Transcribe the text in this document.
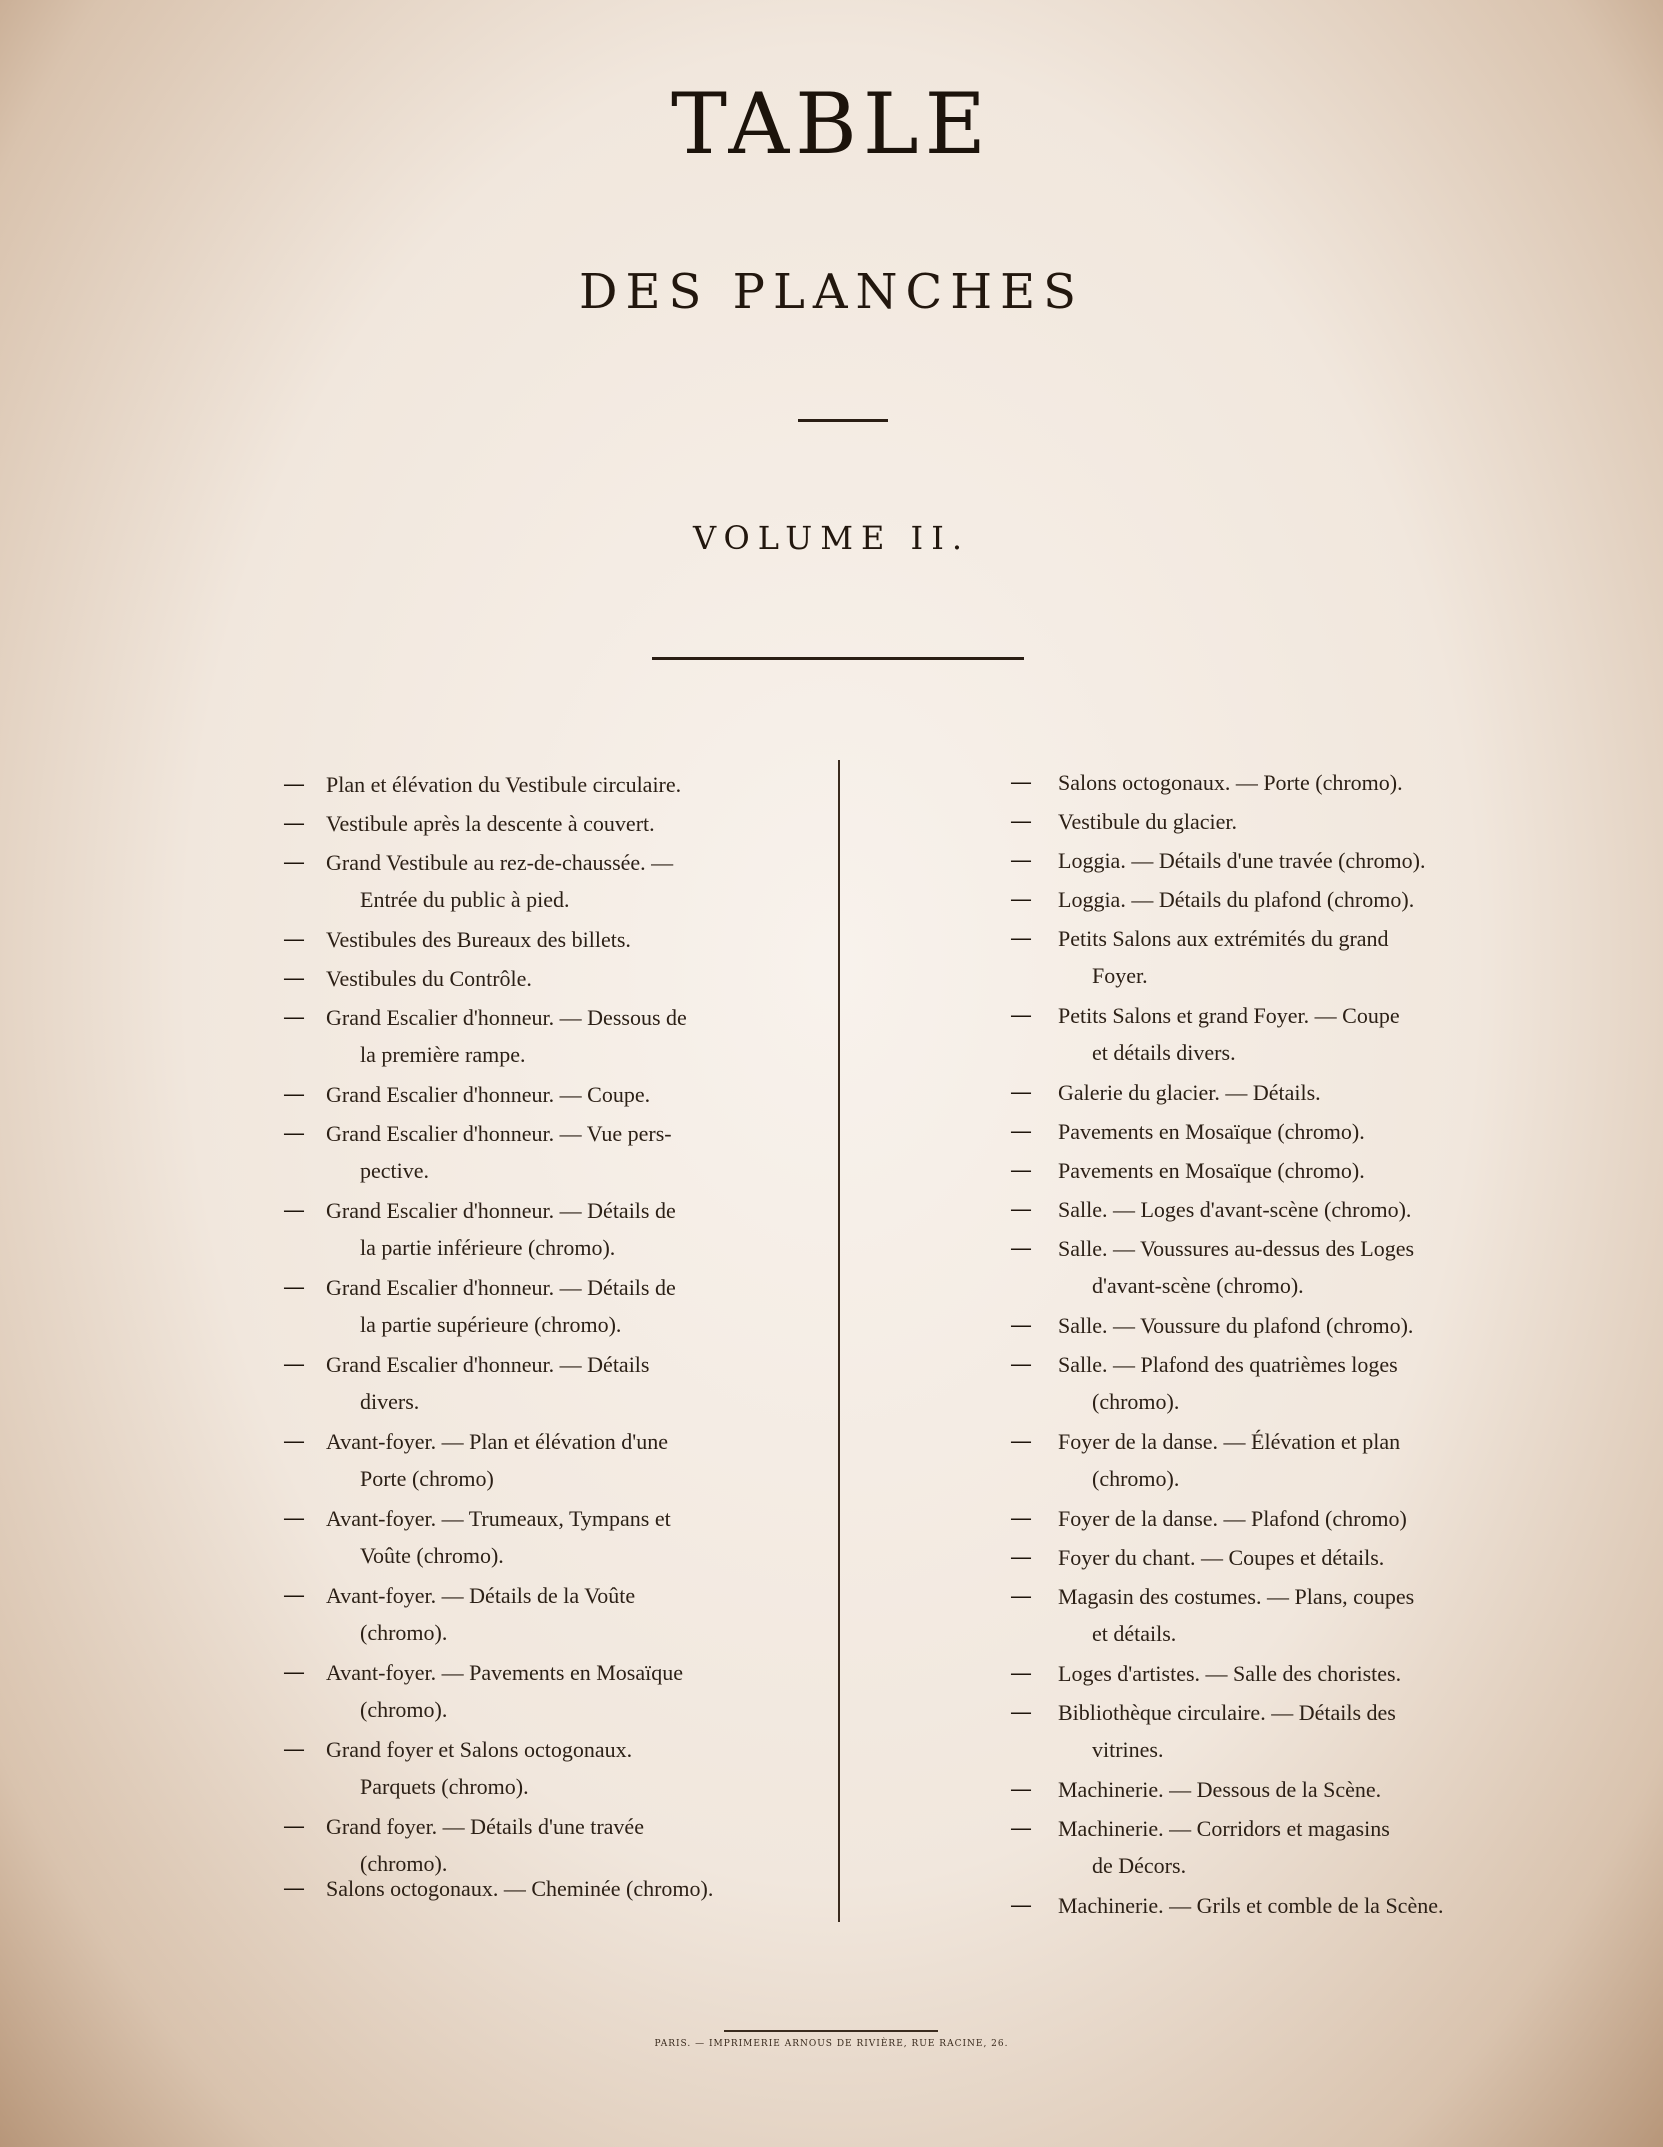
TABLE
DES PLANCHES
VOLUME II.
— Plan et élévation du Vestibule circulaire.
— Vestibule après la descente à couvert.
— Grand Vestibule au rez-de-chaussée. —
Entrée du public à pied.
— Vestibules des Bureaux des billets.
— Vestibules du Contrôle.
— Grand Escalier d'honneur. — Dessous de
la première rampe.
— Grand Escalier d'honneur. — Coupe.
— Grand Escalier d'honneur. — Vue pers-
pective.
— Grand Escalier d'honneur. — Détails de
la partie inférieure (chromo).
— Grand Escalier d'honneur. — Détails de
la partie supérieure (chromo).
— Grand Escalier d'honneur. — Détails
divers.
— Avant-foyer. — Plan et élévation d'une
Porte (chromo)
— Avant-foyer. — Trumeaux, Tympans et
Voûte (chromo).
— Avant-foyer. — Détails de la Voûte
(chromo).
— Avant-foyer. — Pavements en Mosaïque
(chromo).
— Grand foyer et Salons octogonaux.
Parquets (chromo).
— Grand foyer. — Détails d'une travée
(chromo).
— Salons octogonaux. — Cheminée (chromo).
— Salons octogonaux. — Porte (chromo).
— Vestibule du glacier.
— Loggia. — Détails d'une travée (chromo).
— Loggia. — Détails du plafond (chromo).
— Petits Salons aux extrémités du grand
Foyer.
— Petits Salons et grand Foyer. — Coupe
et détails divers.
— Galerie du glacier. — Détails.
— Pavements en Mosaïque (chromo).
— Pavements en Mosaïque (chromo).
— Salle. — Loges d'avant-scène (chromo).
— Salle. — Voussures au-dessus des Loges
d'avant-scène (chromo).
— Salle. — Voussure du plafond (chromo).
— Salle. — Plafond des quatrièmes loges
(chromo).
— Foyer de la danse. — Élévation et plan
(chromo).
— Foyer de la danse. — Plafond (chromo)
— Foyer du chant. — Coupes et détails.
— Magasin des costumes. — Plans, coupes
et détails.
— Loges d'artistes. — Salle des choristes.
— Bibliothèque circulaire. — Détails des
vitrines.
— Machinerie. — Dessous de la Scène.
— Machinerie. — Corridors et magasins
de Décors.
— Machinerie. — Grils et comble de la Scène.
PARIS. — IMPRIMERIE ARNOUS DE RIVIÈRE, RUE RACINE, 26.
